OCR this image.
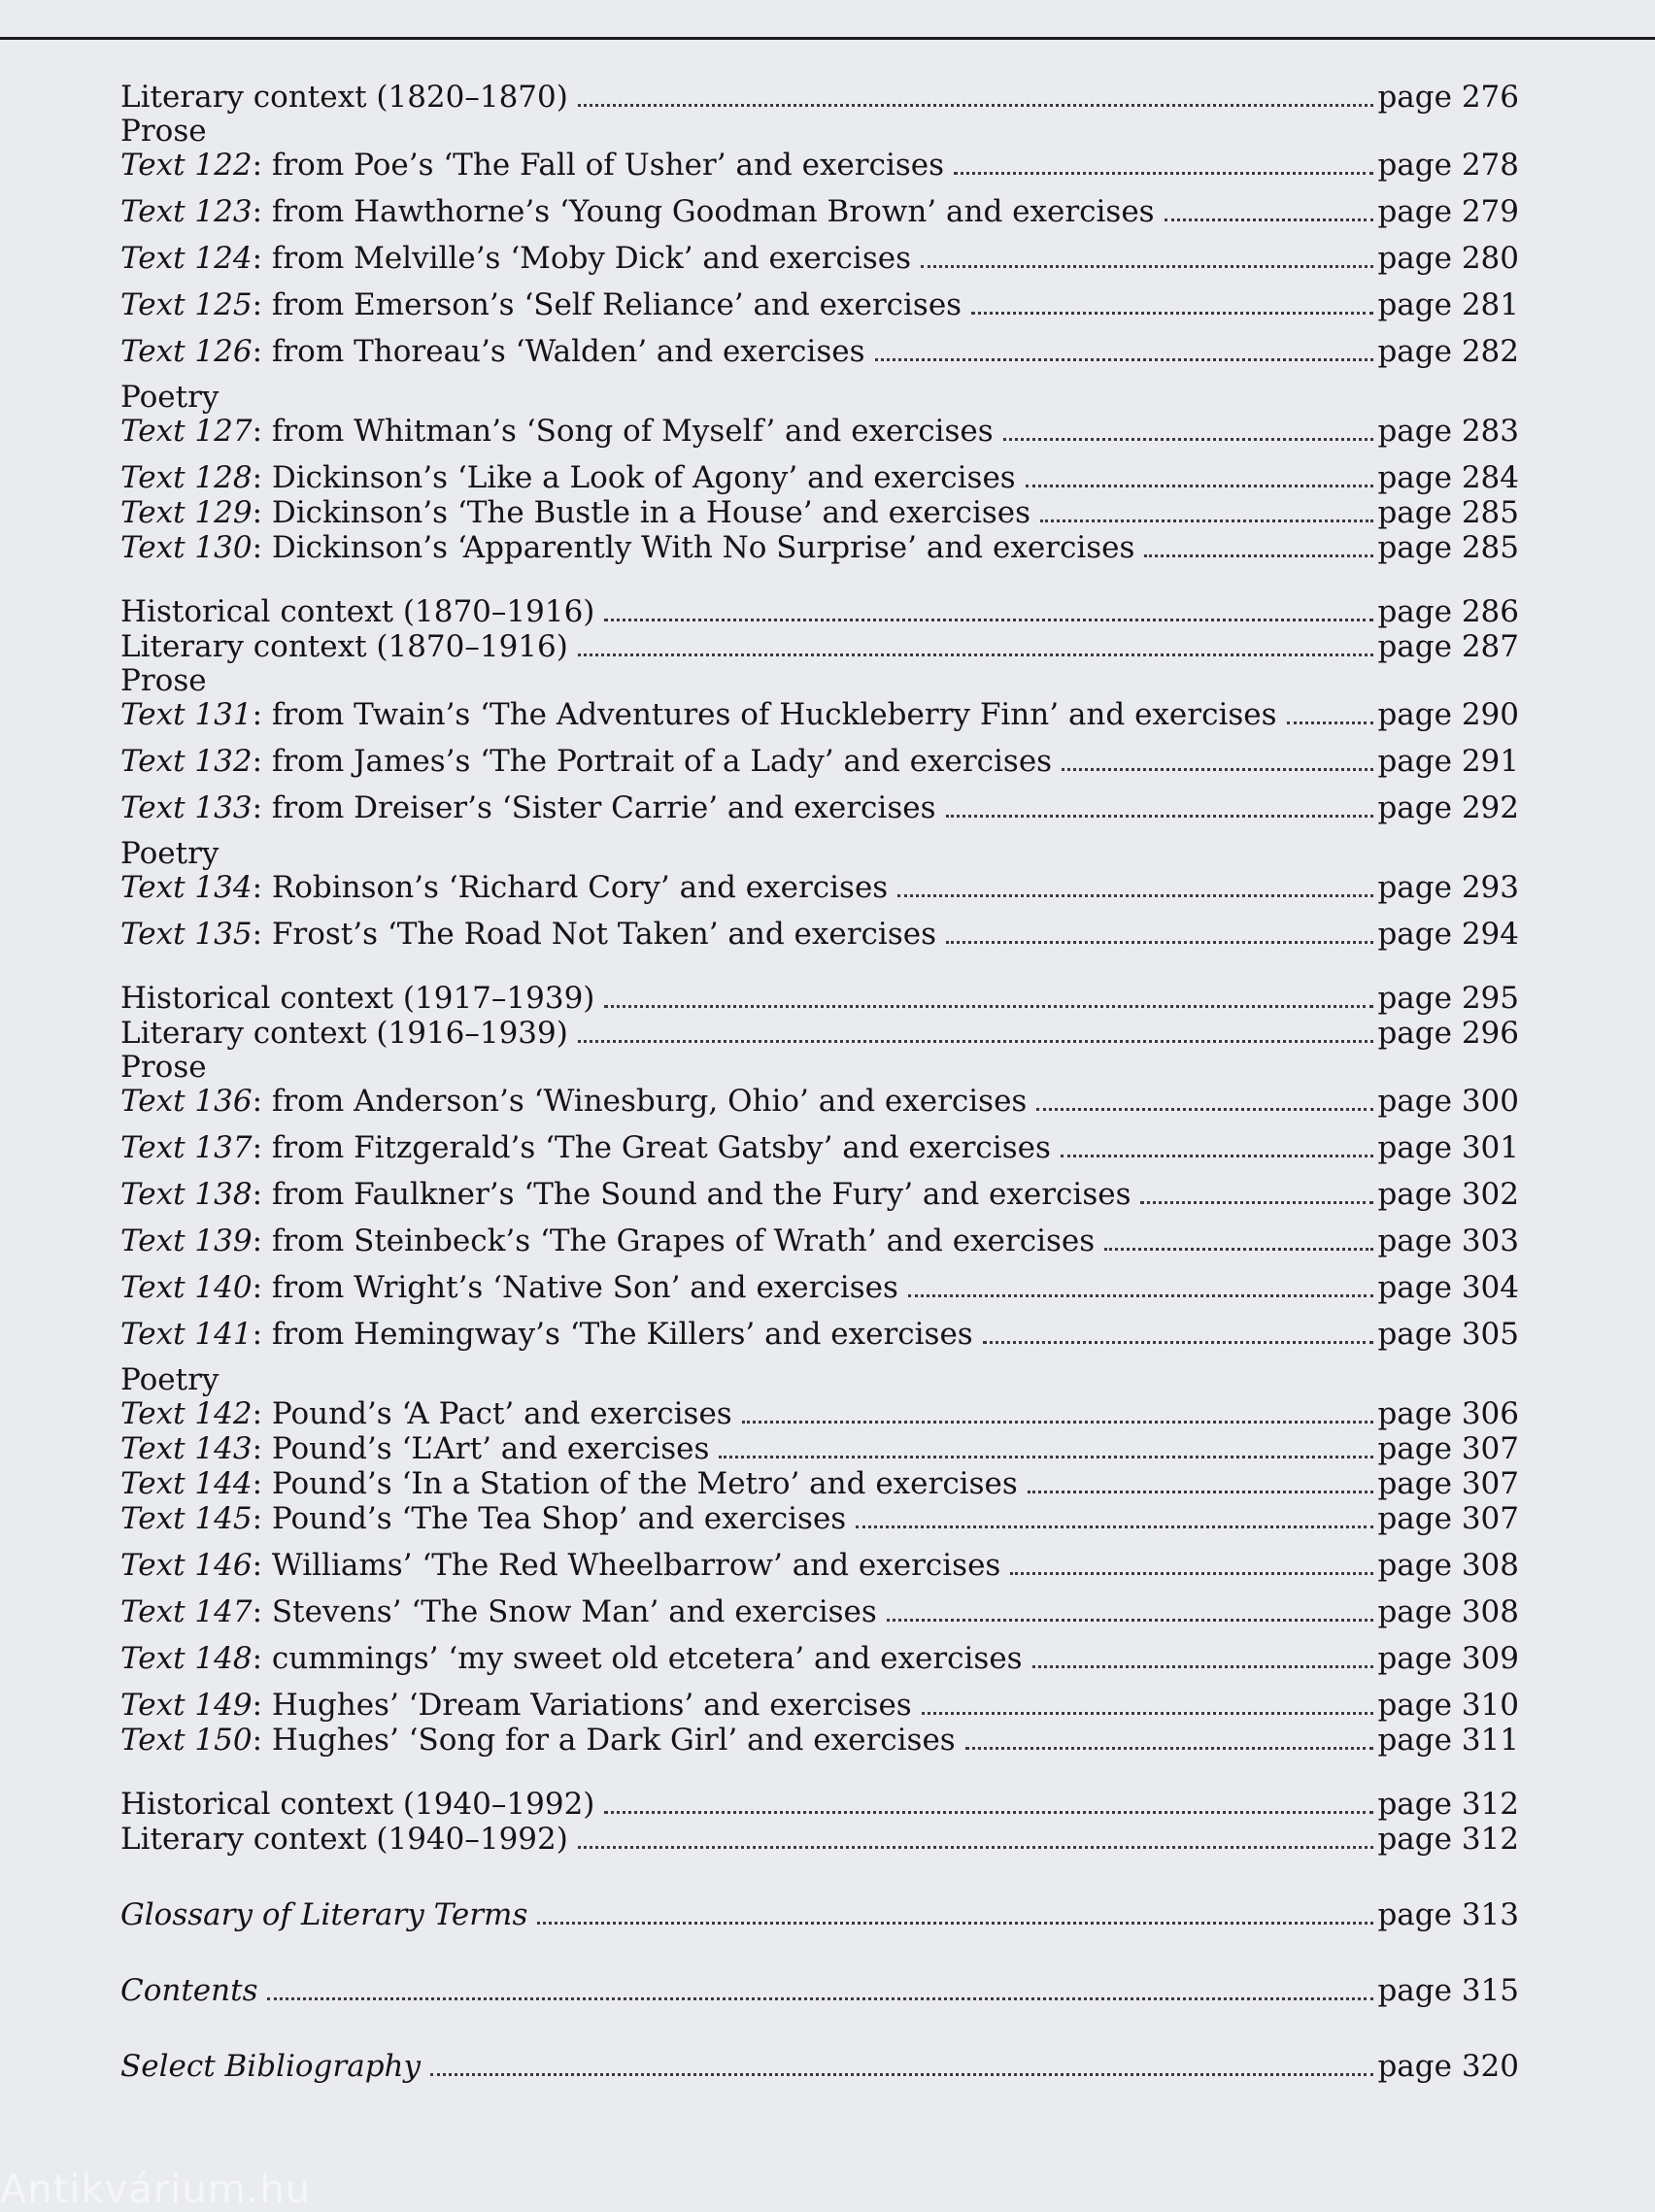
Literary context (1820–1870)	page 276
Prose
Text 122: from Poe’s ‘The Fall of Usher’ and exercises	page 278
Text 123: from Hawthorne’s ‘Young Goodman Brown’ and exercises	page 279
Text 124: from Melville’s ‘Moby Dick’ and exercises	page 280
Text 125: from Emerson’s ‘Self Reliance’ and exercises	page 281
Text 126: from Thoreau’s ‘Walden’ and exercises	page 282
Poetry
Text 127: from Whitman’s ‘Song of Myself’ and exercises	page 283
Text 128: Dickinson’s ‘Like a Look of Agony’ and exercises	page 284
Text 129: Dickinson’s ‘The Bustle in a House’ and exercises	page 285
Text 130: Dickinson’s ‘Apparently With No Surprise’ and exercises	page 285
Historical context (1870–1916)	page 286
Literary context (1870–1916)	page 287
Prose
Text 131: from Twain’s ‘The Adventures of Huckleberry Finn’ and exercises	page 290
Text 132: from James’s ‘The Portrait of a Lady’ and exercises	page 291
Text 133: from Dreiser’s ‘Sister Carrie’ and exercises	page 292
Poetry
Text 134: Robinson’s ‘Richard Cory’ and exercises	page 293
Text 135: Frost’s ‘The Road Not Taken’ and exercises	page 294
Historical context (1917–1939)	page 295
Literary context (1916–1939)	page 296
Prose
Text 136: from Anderson’s ‘Winesburg, Ohio’ and exercises	page 300
Text 137: from Fitzgerald’s ‘The Great Gatsby’ and exercises	page 301
Text 138: from Faulkner’s ‘The Sound and the Fury’ and exercises	page 302
Text 139: from Steinbeck’s ‘The Grapes of Wrath’ and exercises	page 303
Text 140: from Wright’s ‘Native Son’ and exercises	page 304
Text 141: from Hemingway’s ‘The Killers’ and exercises	page 305
Poetry
Text 142: Pound’s ‘A Pact’ and exercises	page 306
Text 143: Pound’s ‘L’Art’ and exercises	page 307
Text 144: Pound’s ‘In a Station of the Metro’ and exercises	page 307
Text 145: Pound’s ‘The Tea Shop’ and exercises	page 307
Text 146: Williams’ ‘The Red Wheelbarrow’ and exercises	page 308
Text 147: Stevens’ ‘The Snow Man’ and exercises	page 308
Text 148: cummings’ ‘my sweet old etcetera’ and exercises	page 309
Text 149: Hughes’ ‘Dream Variations’ and exercises	page 310
Text 150: Hughes’ ‘Song for a Dark Girl’ and exercises	page 311
Historical context (1940–1992)	page 312
Literary context (1940–1992)	page 312
Glossary of Literary Terms	page 313
Contents	page 315
Select Bibliography	page 320
Antikvárium.hu
